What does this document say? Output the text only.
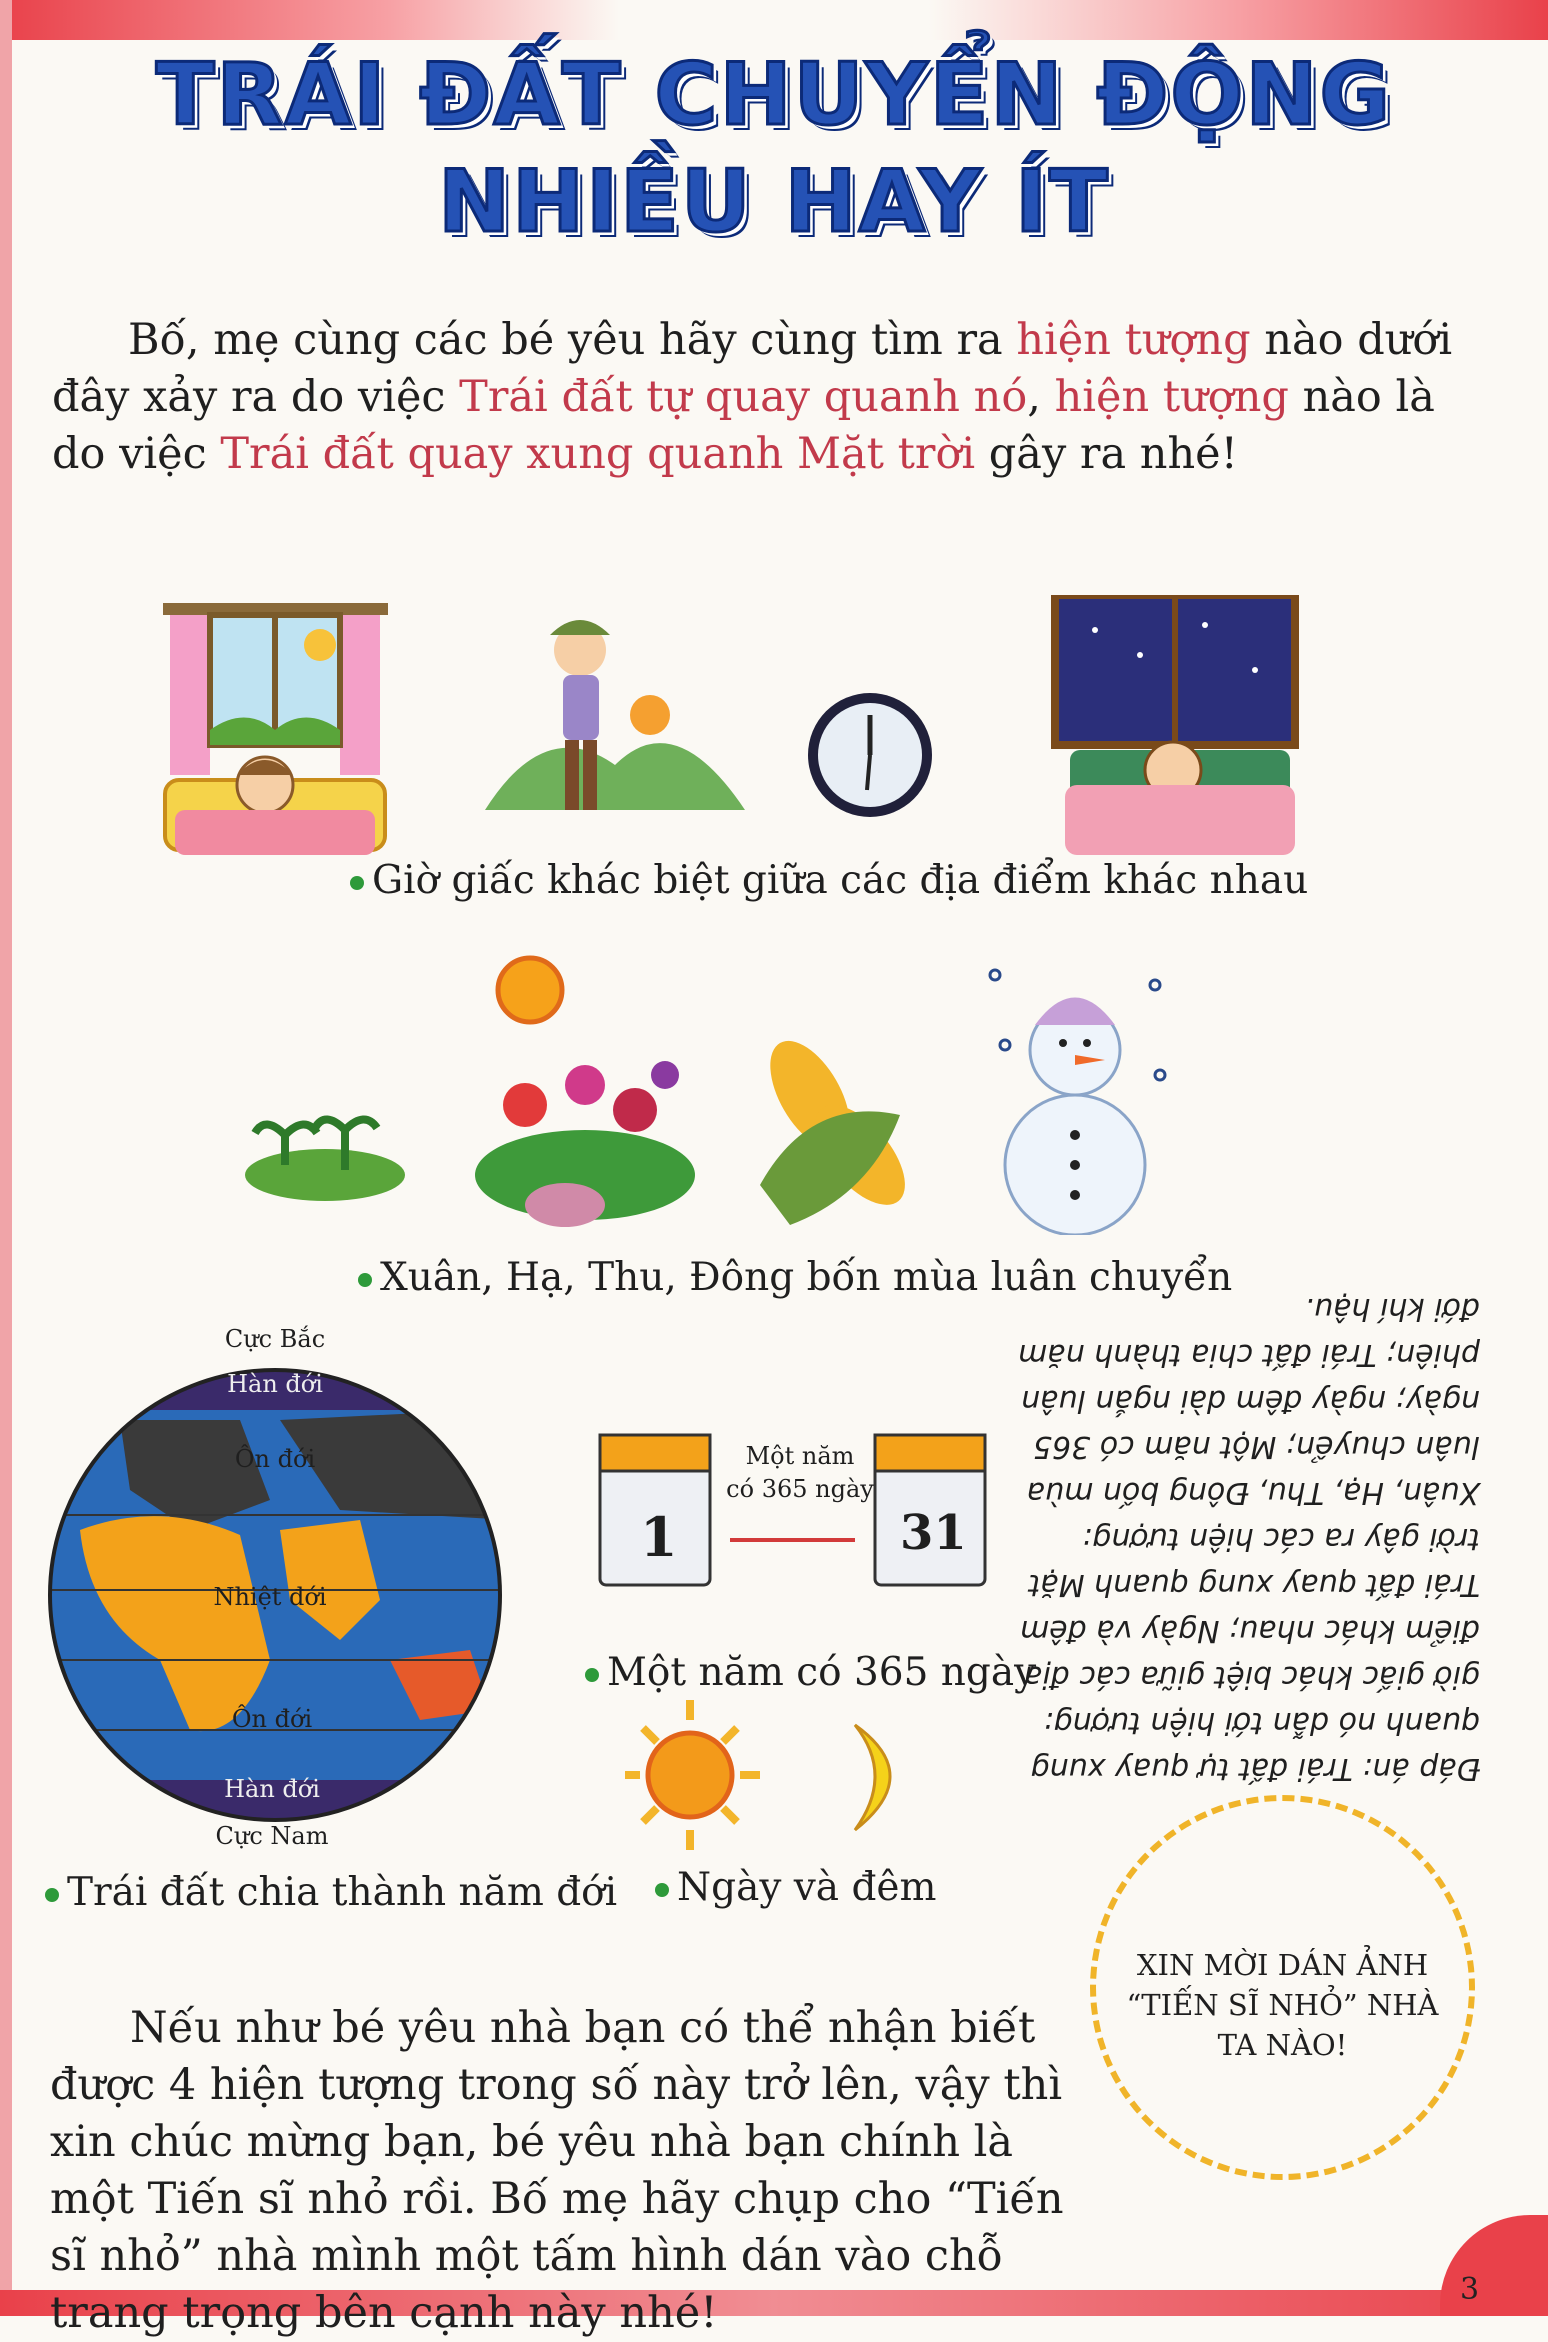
3
TRÁI ĐẤT CHUYỂN ĐỘNG
NHIỀU HAY ÍT
Bố, mẹ cùng các bé yêu hãy cùng tìm ra hiện tượng nào dưới đây xảy ra do việc Trái đất tự quay quanh nó, hiện tượng nào là do việc Trái đất quay xung quanh Mặt trời gây ra nhé!
Giờ giấc khác biệt giữa các địa điểm khác nhau
Xuân, Hạ, Thu, Đông bốn mùa luân chuyển
Cực Bắc
Hàn đới
Ôn đới
Nhiệt đới
Ôn đới
Hàn đới
Cực Nam
Trái đất chia thành năm đới
1	31
Một năm
có 365 ngày
Một năm có 365 ngày
Ngày và đêm
Đáp án: Trái đất tự quay xung quanh nó dẫn tới hiện tượng: giờ giấc khác biệt giữa các địa điểm khác nhau; Ngày và đêm Trái đất quay xung quanh Mặt trời gây ra các hiện tượng: Xuân, Hạ, Thu, Đông bốn mùa luân chuyển; Một năm có 365 ngày; ngày đêm dài ngắn luân phiên; Trái đất chia thành năm đới khí hậu.
XIN MỜI DÁN ẢNH “TIẾN SĨ NHỎ” NHÀ TA NÀO!
Nếu như bé yêu nhà bạn có thể nhận biết được 4 hiện tượng trong số này trở lên, vậy thì xin chúc mừng bạn, bé yêu nhà bạn chính là một Tiến sĩ nhỏ rồi. Bố mẹ hãy chụp cho “Tiến sĩ nhỏ” nhà mình một tấm hình dán vào chỗ trang trọng bên cạnh này nhé!
